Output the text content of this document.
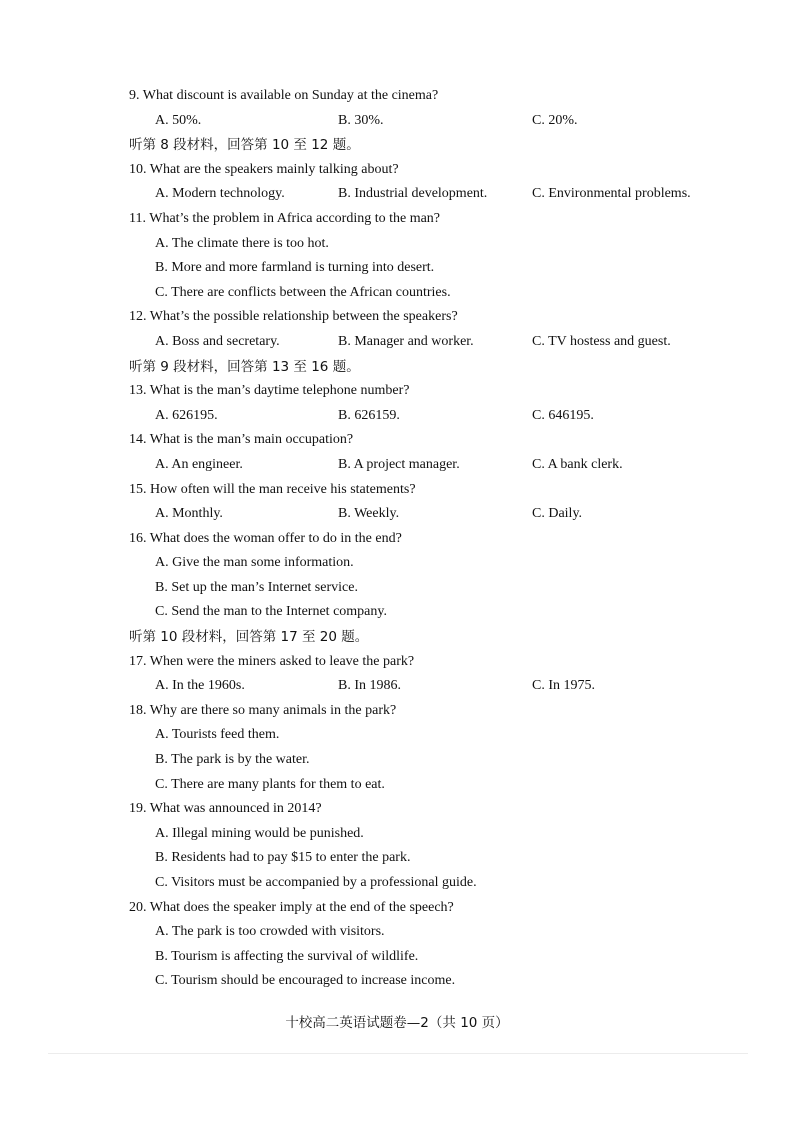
9. What discount is available on Sunday at the cinema?
A. 50%.	B. 30%.	C. 20%.
听第 8 段材料，回答第 10 至 12 题。
10. What are the speakers mainly talking about?
A. Modern technology.	B. Industrial development.	C. Environmental problems.
11. What’s the problem in Africa according to the man?
A. The climate there is too hot.
B. More and more farmland is turning into desert.
C. There are conflicts between the African countries.
12. What’s the possible relationship between the speakers?
A. Boss and secretary.	B. Manager and worker.	C. TV hostess and guest.
听第 9 段材料，回答第 13 至 16 题。
13. What is the man’s daytime telephone number?
A. 626195.	B. 626159.	C. 646195.
14. What is the man’s main occupation?
A. An engineer.	B. A project manager.	C. A bank clerk.
15. How often will the man receive his statements?
A. Monthly.	B. Weekly.	C. Daily.
16. What does the woman offer to do in the end?
A. Give the man some information.
B. Set up the man’s Internet service.
C. Send the man to the Internet company.
听第 10 段材料，回答第 17 至 20 题。
17. When were the miners asked to leave the park?
A. In the 1960s.	B. In 1986.	C. In 1975.
18. Why are there so many animals in the park?
A. Tourists feed them.
B. The park is by the water.
C. There are many plants for them to eat.
19. What was announced in 2014?
A. Illegal mining would be punished.
B. Residents had to pay $15 to enter the park.
C. Visitors must be accompanied by a professional guide.
20. What does the speaker imply at the end of the speech?
A. The park is too crowded with visitors.
B. Tourism is affecting the survival of wildlife.
C. Tourism should be encouraged to increase income.
十校高二英语试题卷—2（共 10 页）
